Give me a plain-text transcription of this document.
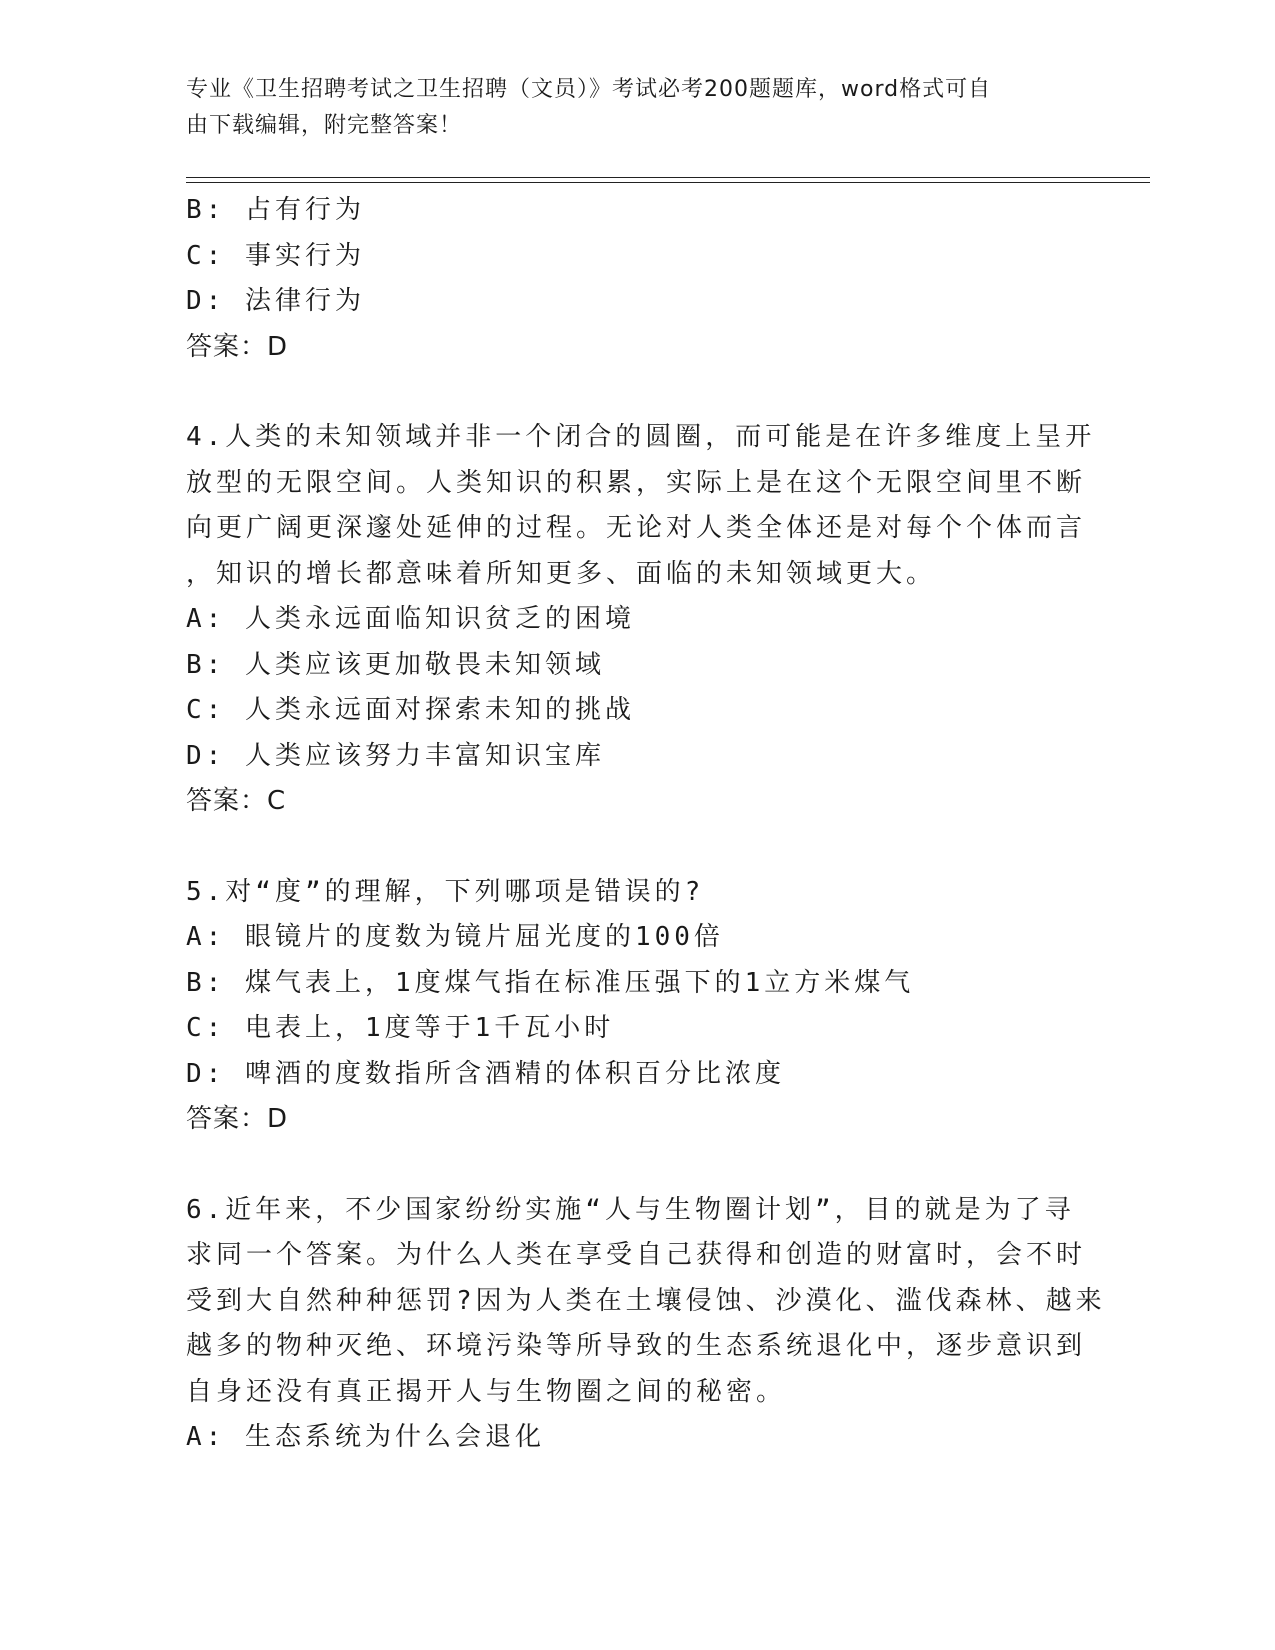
专业《卫生招聘考试之卫生招聘（文员）》考试必考200题题库，word格式可自
由下载编辑，附完整答案！
B: 占有行为
C: 事实行为
D: 法律行为
答案：D
4.人类的未知领域并非一个闭合的圆圈，而可能是在许多维度上呈开
放型的无限空间。人类知识的积累，实际上是在这个无限空间里不断
向更广阔更深邃处延伸的过程。无论对人类全体还是对每个个体而言
，知识的增长都意味着所知更多、面临的未知领域更大。
A: 人类永远面临知识贫乏的困境
B: 人类应该更加敬畏未知领域
C: 人类永远面对探索未知的挑战
D: 人类应该努力丰富知识宝库
答案：C
5.对“度”的理解，下列哪项是错误的?
A: 眼镜片的度数为镜片屈光度的100倍
B: 煤气表上，1度煤气指在标准压强下的1立方米煤气
C: 电表上，1度等于1千瓦小时
D: 啤酒的度数指所含酒精的体积百分比浓度
答案：D
6.近年来，不少国家纷纷实施“人与生物圈计划”，目的就是为了寻
求同一个答案。为什么人类在享受自己获得和创造的财富时，会不时
受到大自然种种惩罚?因为人类在土壤侵蚀、沙漠化、滥伐森林、越来
越多的物种灭绝、环境污染等所导致的生态系统退化中，逐步意识到
自身还没有真正揭开人与生物圈之间的秘密。
A: 生态系统为什么会退化
